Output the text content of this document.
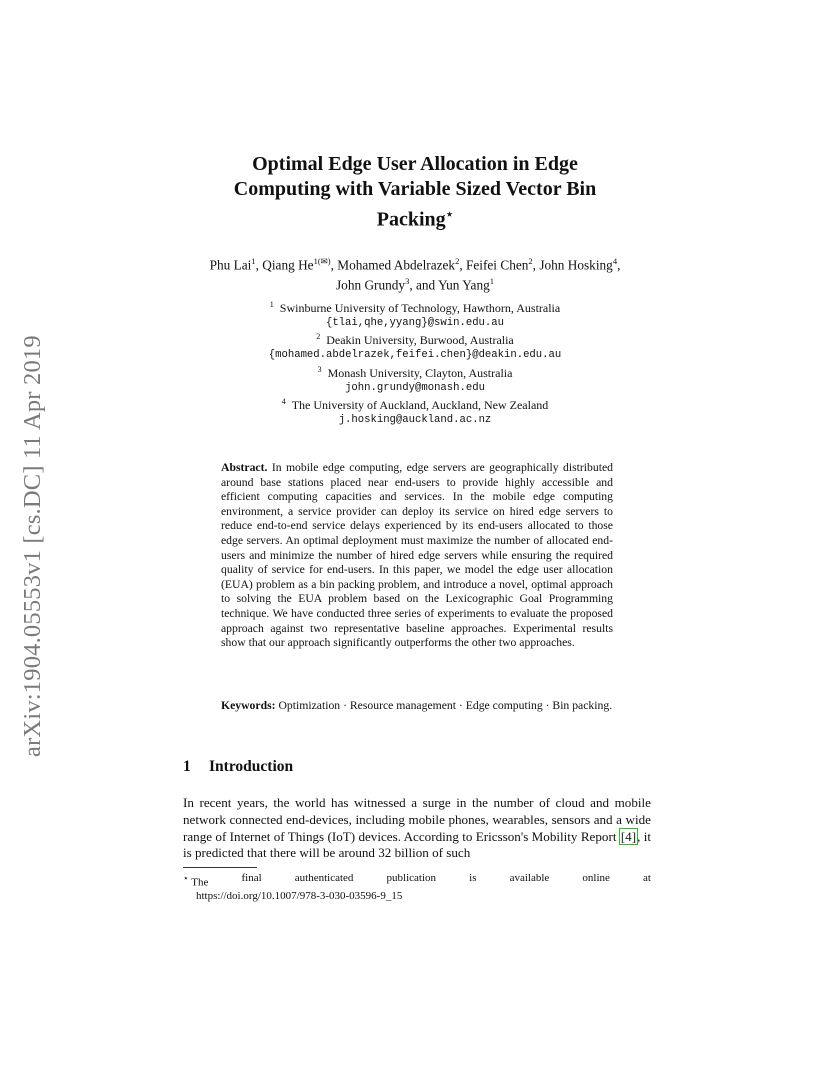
arXiv:1904.05553v1 [cs.DC] 11 Apr 2019
Optimal Edge User Allocation in Edge
Computing with Variable Sized Vector Bin
Packing⋆
Phu Lai$^1$, Qiang $He^{1(✉)}$, Mohamed Abdelrazek$^2$, Feifei Chen$^2$, John Hosking$^4$,
John Grundy$^3$, and Yun Yang$^1$
$^1$ Swinburne University of Technology, Hawthorn, Australia
{tlai,qhe,yyang}@swin.edu.au
$^2$ Deakin University, Burwood, Australia
{mohamed.abdelrazek,feifei.chen}@deakin.edu.au
$^3$ Monash University, Clayton, Australia
john.grundy@monash.edu
$^4$ The University of Auckland, Auckland, New Zealand
j.hosking@auckland.ac.nz
Abstract. In mobile edge computing, edge servers are geographically distributed around base stations placed near end-users to provide highly accessible and efficient computing capacities and services. In the mobile edge computing environment, a service provider can deploy its service on hired edge servers to reduce end-to-end service delays experienced by its end-users allocated to those edge servers. An optimal deployment must maximize the number of allocated end-users and minimize the number of hired edge servers while ensuring the required quality of service for end-users. In this paper, we model the edge user allocation (EUA) problem as a bin packing problem, and introduce a novel, optimal approach to solving the EUA problem based on the Lexicographic Goal Programming technique. We have conducted three series of experiments to evaluate the proposed approach against two representative baseline approaches. Experimental results show that our approach significantly outperforms the other two approaches.
Keywords: Optimization · Resource management · Edge computing · Bin packing.
1 Introduction
In recent years, the world has witnessed a surge in the number of cloud and mobile network connected end-devices, including mobile phones, wearables, sensors and a wide range of Internet of Things (IoT) devices. According to Ericsson's Mobility Report [4], it is predicted that there will be around 32 billion of such
⋆ The	final	authenticated	publication	is	available	online	at
https://doi.org/10.1007/978-3-030-03596-9_15
